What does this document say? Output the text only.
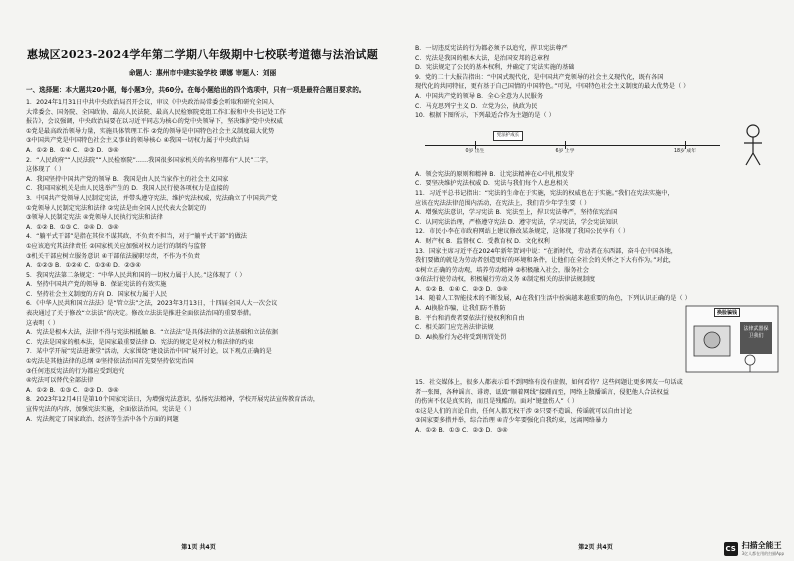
惠城区2023-2024学年第二学期八年级期中七校联考道德与法治试题
命题人：惠州市中建实验学校 谭娜 审题人：刘丽
一、选择题：本大题共20小题，每小题3分，共60分。在每小题给出的四个选项中，只有一项是最符合题目要求的。

1．2024年1月31日中共中央政治局召开会议，审议《中央政治局常委会听取和研究全国人

大常委会、国务院、全国政协、最高人民法院、最高人民检察院党组工作汇报和中央书记处工作

报告》，会议强调，中央政治局要在以习近平同志为核心的党中央领导下，坚决维护党中央权威

①党是最高政治领导力量，实施具体管理工作 ②党的领导是中国特色社会主义制度最大优势

③中国共产党是中国特色社会主义事业的领导核心 ④我国一切权力属于中央政治局

A．①② B．①④ C．②③ D．③④

2．“人民政府”“人民法院”“人民检察院”……我国很多国家机关的名称里都有“人民”二字，

这体现了（ ）

A．我国坚持中国共产党的领导 B．我国是由人民当家作主的社会主义国家

C．我国国家机关是由人民选举产生的 D．我国人民行使各项权力是直接的

3．中国共产党领导人民制定宪法，并带头遵守宪法、维护宪法权威，宪法确立了中国共产党

①党领导人民制定宪法和法律 ②宪法是由全国人民代表大会制定的

③领导人民制定宪法 ④党领导人民执行宪法和法律

A．①② B．①③ C．②④ D．③④

4．“躺平式干部”是指在其位不谋其政、不负责不担当，对于“躺平式干部”的做法

①应该追究其法律责任 ②国家机关应加强对权力运行的制约与监督

③机关干部应树立服务意识 ④干部依法履职尽责，不作为不负责

A．①②③ B．①②④ C．①③④ D．②③④

5．我国宪法第二条规定：“中华人民共和国的一切权力属于人民。”这体现了（ ）

A．坚持中国共产党的领导 B．保证宪法的有效实施

C．坚持社会主义制度的方向 D．国家权力属于人民

6．《中华人民共和国立法法》是“管立法”之法，2023年3月13日，十四届全国人大一次会议

表决通过了关于修改“立法法”的决定。修改立法法是推进全面依法治国的重要举措。

这表明（ ）

A．宪法是根本大法，法律不得与宪法相抵触 B．“立法法”是具体法律的立法基础和立法依据

C．宪法是国家的根本法，是国家最重要法律 D．宪法的规定是对权力和法律的约束

7．某中学开展“宪法进课堂”活动，大家围绕“建设法治中国”展开讨论，以下观点正确的是

①宪法是其他法律的总纲 ②坚持依法治国首先要坚持依宪治国

③任何违反宪法的行为都应受到追究

④宪法可以替代全部法律

A．①② B．①③ C．②③ D．③④

8．2023年12月4日是第10个国家宪法日，为增强宪法意识，弘扬宪法精神，学校开展宪法宣传教育活动，

宣传宪法的内容，加强宪法实施，全面依法治国。宪法是（ ）

A．宪法规定了国家政治、经济等生活中各个方面的问题

第1页 共4页

B．一切违反宪法的行为都必须予以追究，捍卫宪法尊严

C．宪法是我国的根本大法，是治国安邦的总章程

D．宪法规定了公民的基本权利，并确定了宪法实施的基础

9．党的二十大报告指出：“中国式现代化，是中国共产党领导的社会主义现代化，既有各国

现代化的共同特征，更有基于自己国情的中国特色。”可见，中国特色社会主义制度的最大优势是（ ）

A．中国共产党的领导 B．全心全意为人民服务

C．马克思列宁主义 D．立党为公，执政为民

10．根据下图所示，下列最适合作为主题的是（ ）

宪法护成长
0岁 出生	6岁 上学	18岁 成年

A．领会宪法的原则和精神 B．让宪法精神在心中扎根发芽

C．要坚决维护宪法权威 D．宪法与我们每个人息息相关

11．习近平总书记指出：“宪法的生命在于实施，宪法的权威也在于实施。”我们在宪法实施中，

应该在宪法法律范围内活动，在宪法上，我们青少年学生要（ ）

A．增强宪法意识，学习宪法 B．宪法至上，捍卫宪法尊严，坚持依宪治国

C．认同宪法治理，严格遵守宪法 D．遵守宪法，学习宪法，学会宪法知识

12．市民小李在市政府网站上建议修改某条规定，这体现了我国公民享有（ ）

A．财产权 B．监督权 C．受教育权 D．文化权利

13．国家主席习近平在2024年新年贺词中说：“在新时代，劳动者在东西部，奋斗在中国各地，

我们要做的就是为劳动者创造更好的环境和条件，让他们在全社会的关怀之下大有作为。”对此，

①树立正确的劳动观，培养劳动精神 ②积极融入社会，服务社会

③依法行使劳动权，积极履行劳动义务 ④制定相关的法律法规制度

A．①② B．①④ C．②③ D．③④

14．随着人工智能技术的不断发展，AI在我们生活中扮演越来越重要的角色，下列认识正确的是（ ）

换脸骗钱
法律武器保卫我们

A．AI换脸诈骗，让我们防不胜防

B．平台和消费者要依法行使权利和自由

C．相关部门应完善法律法规

D．AI换脸行为必将受到刑罚处罚

15．社交媒体上，很多人都表示看不到网络有没有虚假，如何看待？这些问题让更多网友一句话或

者一张图，各种谣言、诽谤、诋毁“顺着网线”接踵而至，网络上散播谣言，侵犯他人合法权益

的伤害不仅是真实的，而且是残酷的。面对“键盘伤人”（ ）

①这是人们的言论自由，任何人都无权干涉 ②只要不造谣、传谣就可以自由讨论

③国家要多措并举，综合治理 ④青少年要强化自我约束，远离网络暴力

A．①② B．①③ C．②③ D．③④

第2页 共4页	CS 扫描全能王
3亿人都在用的扫描App
